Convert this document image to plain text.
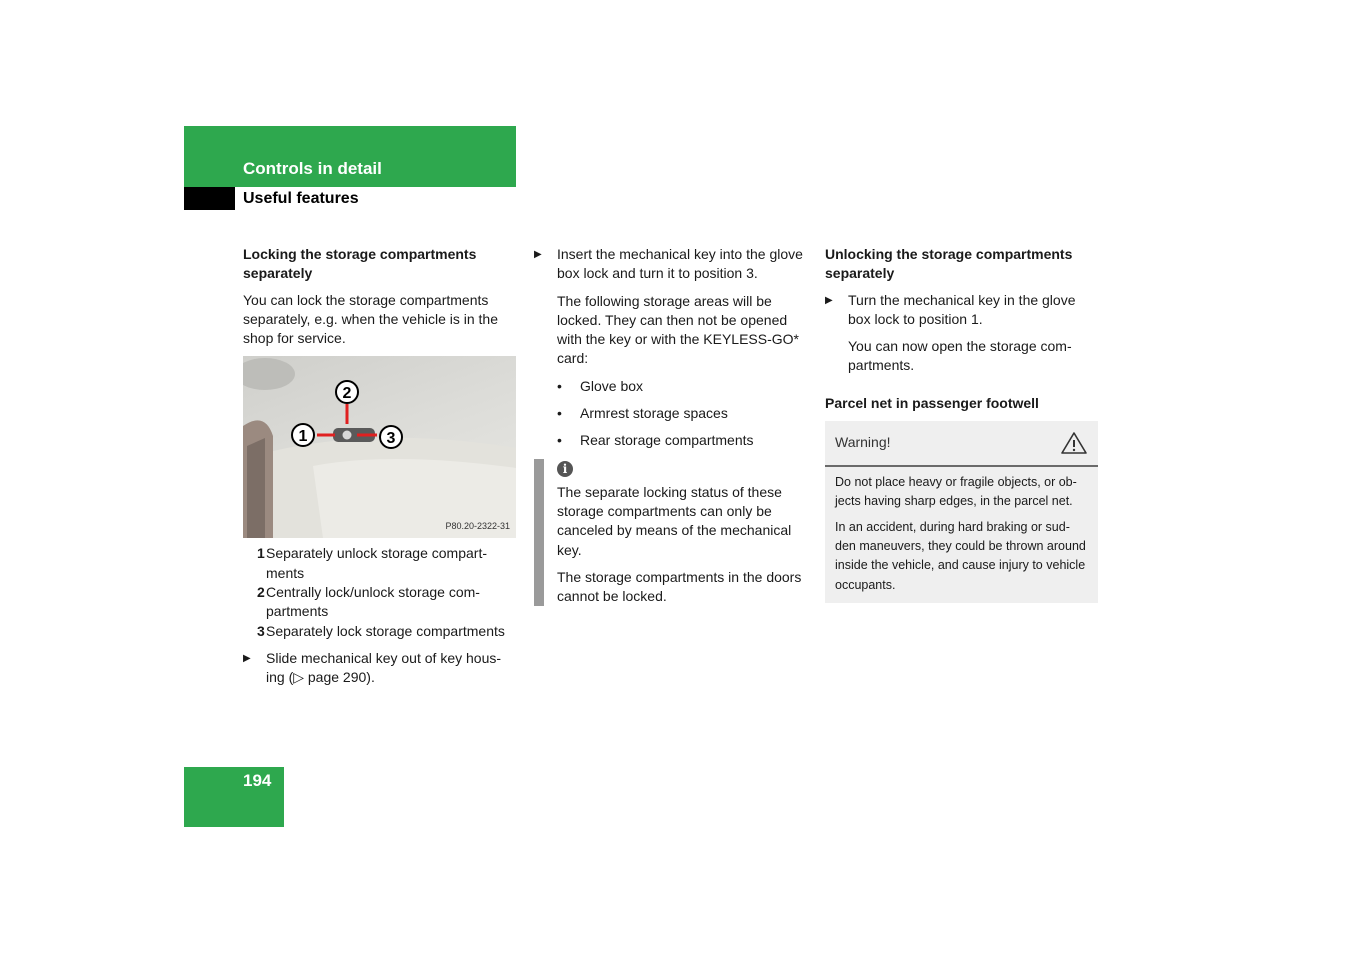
Controls in detail
Useful features
Locking the storage compartments separately
You can lock the storage compartments separately, e.g. when the vehicle is in the shop for service.
1
2
3
P80.20-2322-31
1 Separately unlock storage compart-ments
2 Centrally lock/unlock storage com-partments
3 Separately lock storage compartments
▶	Slide mechanical key out of key hous-ing (▷ page 290).
▶	Insert the mechanical key into the glove box lock and turn it to position 3.
The following storage areas will be locked. They can then not be opened with the key or with the KEYLESS-GO* card:
•	Glove box
•	Armrest storage spaces
•	Rear storage compartments
i
The separate locking status of these storage compartments can only be canceled by means of the mechanical key.
The storage compartments in the doors cannot be locked.
Unlocking the storage compartments separately
▶	Turn the mechanical key in the glove box lock to position 1.
You can now open the storage com-partments.
Parcel net in passenger footwell
Warning!

Do not place heavy or fragile objects, or ob-jects having sharp edges, in the parcel net.

In an accident, during hard braking or sud-den maneuvers, they could be thrown around inside the vehicle, and cause injury to vehicle occupants.

194
